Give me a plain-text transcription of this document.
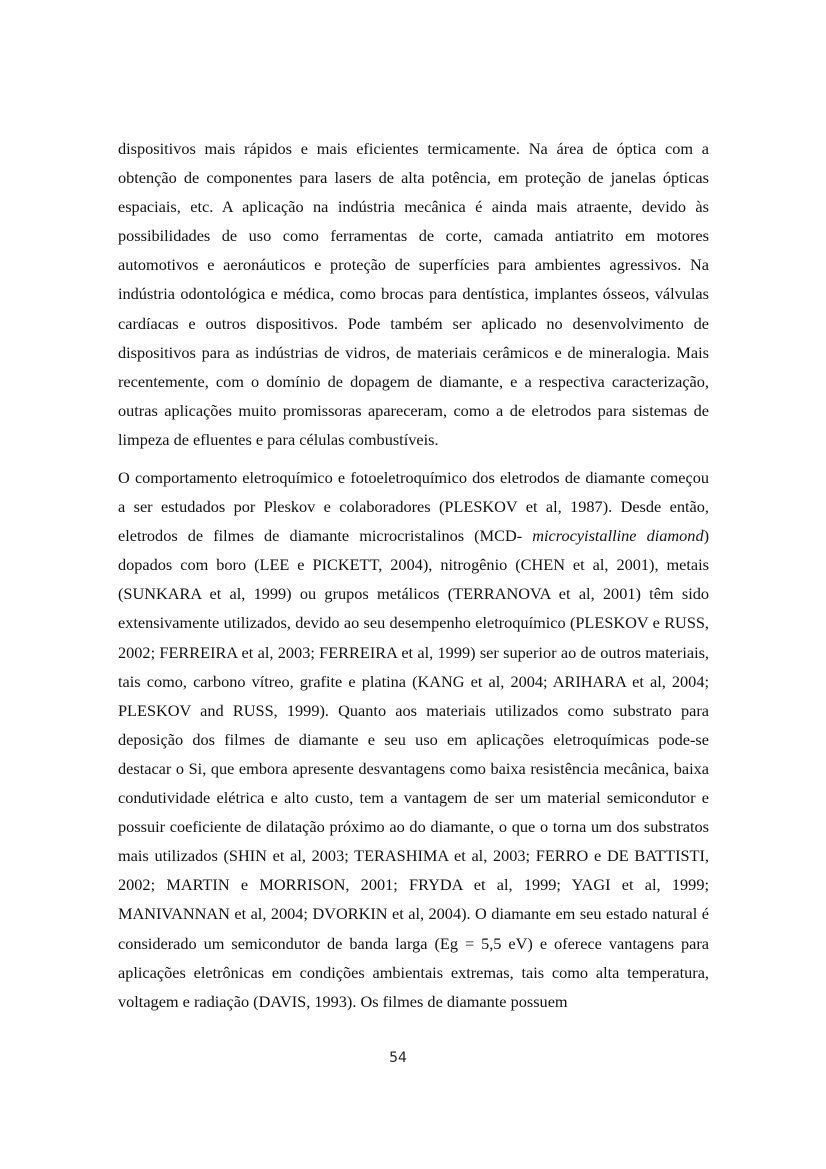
dispositivos mais rápidos e mais eficientes termicamente. Na área de óptica com a obtenção de componentes para lasers de alta potência, em proteção de janelas ópticas espaciais, etc. A aplicação na indústria mecânica é ainda mais atraente, devido às possibilidades de uso como ferramentas de corte, camada antiatrito em motores automotivos e aeronáuticos e proteção de superfícies para ambientes agressivos. Na indústria odontológica e médica, como brocas para dentística, implantes ósseos, válvulas cardíacas e outros dispositivos. Pode também ser aplicado no desenvolvimento de dispositivos para as indústrias de vidros, de materiais cerâmicos e de mineralogia. Mais recentemente, com o domínio de dopagem de diamante, e a respectiva caracterização, outras aplicações muito promissoras apareceram, como a de eletrodos para sistemas de limpeza de efluentes e para células combustíveis.

O comportamento eletroquímico e fotoeletroquímico dos eletrodos de diamante começou a ser estudados por Pleskov e colaboradores (PLESKOV et al, 1987). Desde então, eletrodos de filmes de diamante microcristalinos (MCD- microcyistalline diamond) dopados com boro (LEE e PICKETT, 2004), nitrogênio (CHEN et al, 2001), metais (SUNKARA et al, 1999) ou grupos metálicos (TERRANOVA et al, 2001) têm sido extensivamente utilizados, devido ao seu desempenho eletroquímico (PLESKOV e RUSS, 2002; FERREIRA et al, 2003; FERREIRA et al, 1999) ser superior ao de outros materiais, tais como, carbono vítreo, grafite e platina (KANG et al, 2004; ARIHARA et al, 2004; PLESKOV and RUSS, 1999). Quanto aos materiais utilizados como substrato para deposição dos filmes de diamante e seu uso em aplicações eletroquímicas pode-se destacar o Si, que embora apresente desvantagens como baixa resistência mecânica, baixa condutividade elétrica e alto custo, tem a vantagem de ser um material semicondutor e possuir coeficiente de dilatação próximo ao do diamante, o que o torna um dos substratos mais utilizados (SHIN et al, 2003; TERASHIMA et al, 2003; FERRO e DE BATTISTI, 2002; MARTIN e MORRISON, 2001; FRYDA et al, 1999; YAGI et al, 1999; MANIVANNAN et al, 2004; DVORKIN et al, 2004). O diamante em seu estado natural é considerado um semicondutor de banda larga (Eg = 5,5 eV) e oferece vantagens para aplicações eletrônicas em condições ambientais extremas, tais como alta temperatura, voltagem e radiação (DAVIS, 1993). Os filmes de diamante possuem

54
